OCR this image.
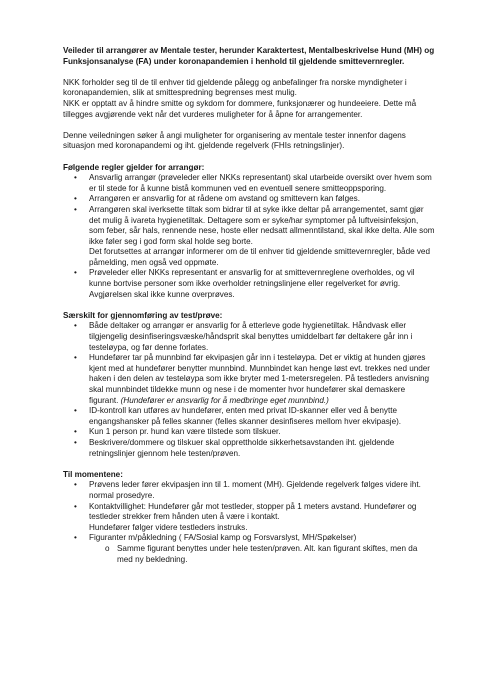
Veileder til arrangører av Mentale tester, herunder Karaktertest, Mentalbeskrivelse Hund (MH) og Funksjonsanalyse (FA) under koronapandemien i henhold til gjeldende smittevernregler.

NKK forholder seg til de til enhver tid gjeldende pålegg og anbefalinger fra norske myndigheter i koronapandemien, slik at smittespredning begrenses mest mulig.

NKK er opptatt av å hindre smitte og sykdom for dommere, funksjonærer og hundeeiere. Dette må tillegges avgjørende vekt når det vurderes muligheter for å åpne for arrangementer.

Denne veiledningen søker å angi muligheter for organisering av mentale tester innenfor dagens situasjon med koronapandemi og iht. gjeldende regelverk (FHIs retningslinjer).

Følgende regler gjelder for arrangør:

• Ansvarlig arrangør (prøveleder eller NKKs representant) skal utarbeide oversikt over hvem som er til stede for å kunne bistå kommunen ved en eventuell senere smitteoppsporing.
• Arrangøren er ansvarlig for at rådene om avstand og smittevern kan følges.
• Arrangøren skal iverksette tiltak som bidrar til at syke ikke deltar på arrangementet, samt gjør det mulig å ivareta hygienetiltak. Deltagere som er syke/har symptomer på luftveisinfeksjon, som feber, sår hals, rennende nese, hoste eller nedsatt allmenntilstand, skal ikke delta. Alle som ikke føler seg i god form skal holde seg borte.

Det forutsettes at arrangør informerer om de til enhver tid gjeldende smittevernregler, både ved påmelding, men også ved oppmøte.

• Prøveleder eller NKKs representant er ansvarlig for at smittevernreglene overholdes, og vil kunne bortvise personer som ikke overholder retningslinjene eller regelverket for øvrig. Avgjørelsen skal ikke kunne overprøves.

Særskilt for gjennomføring av test/prøve:

• Både deltaker og arrangør er ansvarlig for å etterleve gode hygienetiltak. Håndvask eller tilgjengelig desinfiseringsvæske/håndsprit skal benyttes umiddelbart før deltakere går inn i testeløypa, og før denne forlates.
• Hundefører tar på munnbind før ekvipasjen går inn i testeløypa. Det er viktig at hunden gjøres kjent med at hundefører benytter munnbind. Munnbindet kan henge løst evt. trekkes ned under haken i den delen av testeløypa som ikke bryter med 1-metersregelen. På testleders anvisning skal munnbindet tildekke munn og nese i de momenter hvor hundefører skal demaskere figurant. (Hundefører er ansvarlig for å medbringe eget munnbind.)
• ID-kontroll kan utføres av hundefører, enten med privat ID-skanner eller ved å benytte engangshansker på felles skanner (felles skanner desinfiseres mellom hver ekvipasje).
• Kun 1 person pr. hund kan være tilstede som tilskuer.
• Beskrivere/dommere og tilskuer skal opprettholde sikkerhetsavstanden iht. gjeldende retningslinjer gjennom hele testen/prøven.

Til momentene:

• Prøvens leder fører ekvipasjen inn til 1. moment (MH). Gjeldende regelverk følges videre iht. normal prosedyre.
• Kontaktvillighet: Hundefører går mot testleder, stopper på 1 meters avstand. Hundefører og testleder strekker frem hånden uten å være i kontakt.

Hundefører følger videre testleders instruks.

• Figuranter m/påkledning ( FA/Sosial kamp og Forsvarslyst, MH/Spøkelser)
o Samme figurant benyttes under hele testen/prøven. Alt. kan figurant skiftes, men da med ny bekledning.
